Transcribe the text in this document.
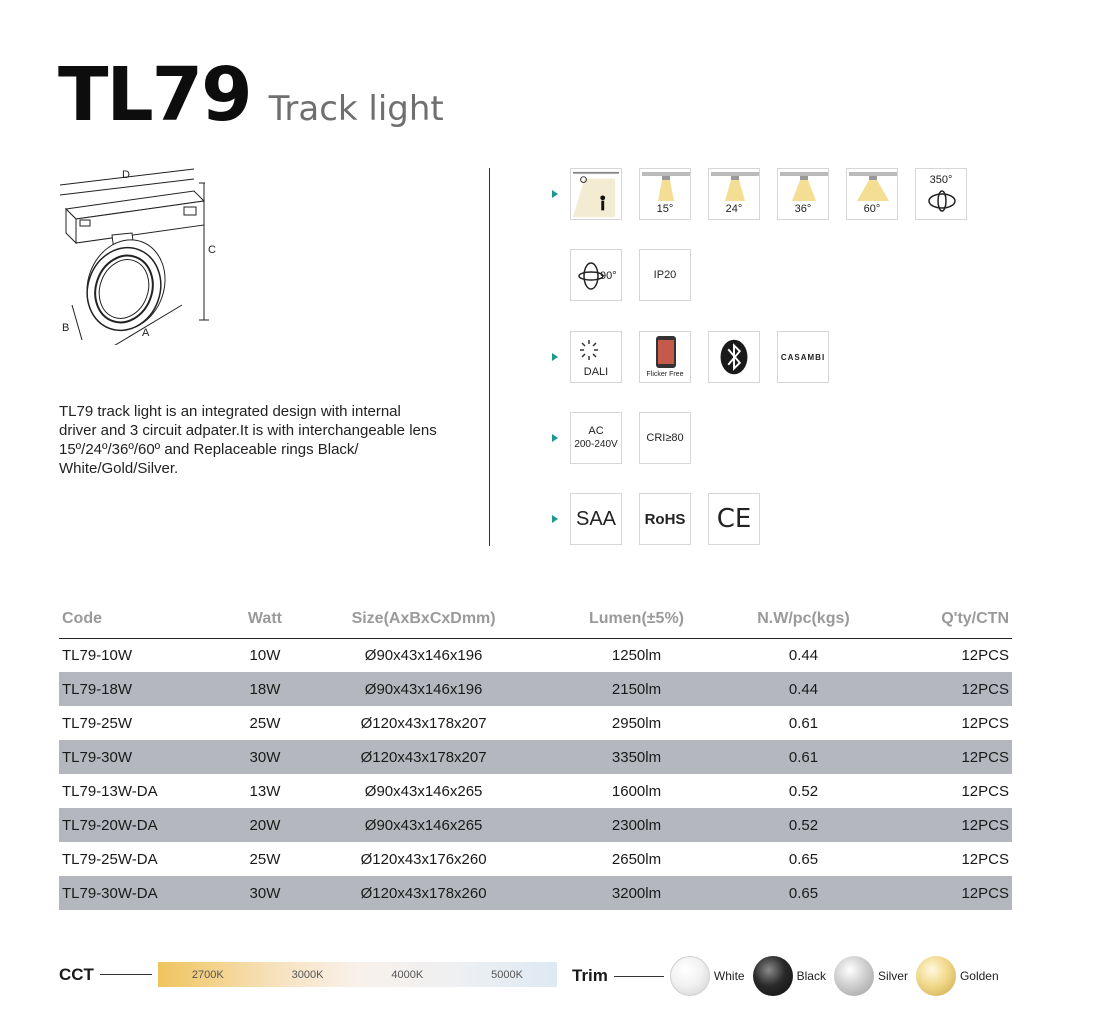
TL79 Track light
D
C
B	A

TL79 track light is an integrated design with internal driver and 3 circuit adpater.It is with interchangeable lens 15º/24º/36º/60º and Replaceable rings Black/ White/Gold/Silver.

15°	24°	36°	60°
350°
90°	IP20
DALI	Flicker Free
CASAMBI
AC
200-240V
CRI≥80
SAA RoHS CE
Code	Watt	Size(AxBxCxDmm)	Lumen(±5%)	N.W/pc(kgs)	Q'ty/CTN
TL79-10W	10W	Ø90x43x146x196	1250lm	0.44	12PCS
TL79-18W	18W	Ø90x43x146x196	2150lm	0.44	12PCS
TL79-25W	25W	Ø120x43x178x207	2950lm	0.61	12PCS
TL79-30W	30W	Ø120x43x178x207	3350lm	0.61	12PCS
TL79-13W-DA	13W	Ø90x43x146x265	1600lm	0.52	12PCS
TL79-20W-DA	20W	Ø90x43x146x265	2300lm	0.52	12PCS
TL79-25W-DA	25W	Ø120x43x176x260	2650lm	0.65	12PCS
TL79-30W-DA	30W	Ø120x43x178x260	3200lm	0.65	12PCS
CCT	2700K	3000K	4000K	5000K	Trim	White	Black	Silver	Golden
